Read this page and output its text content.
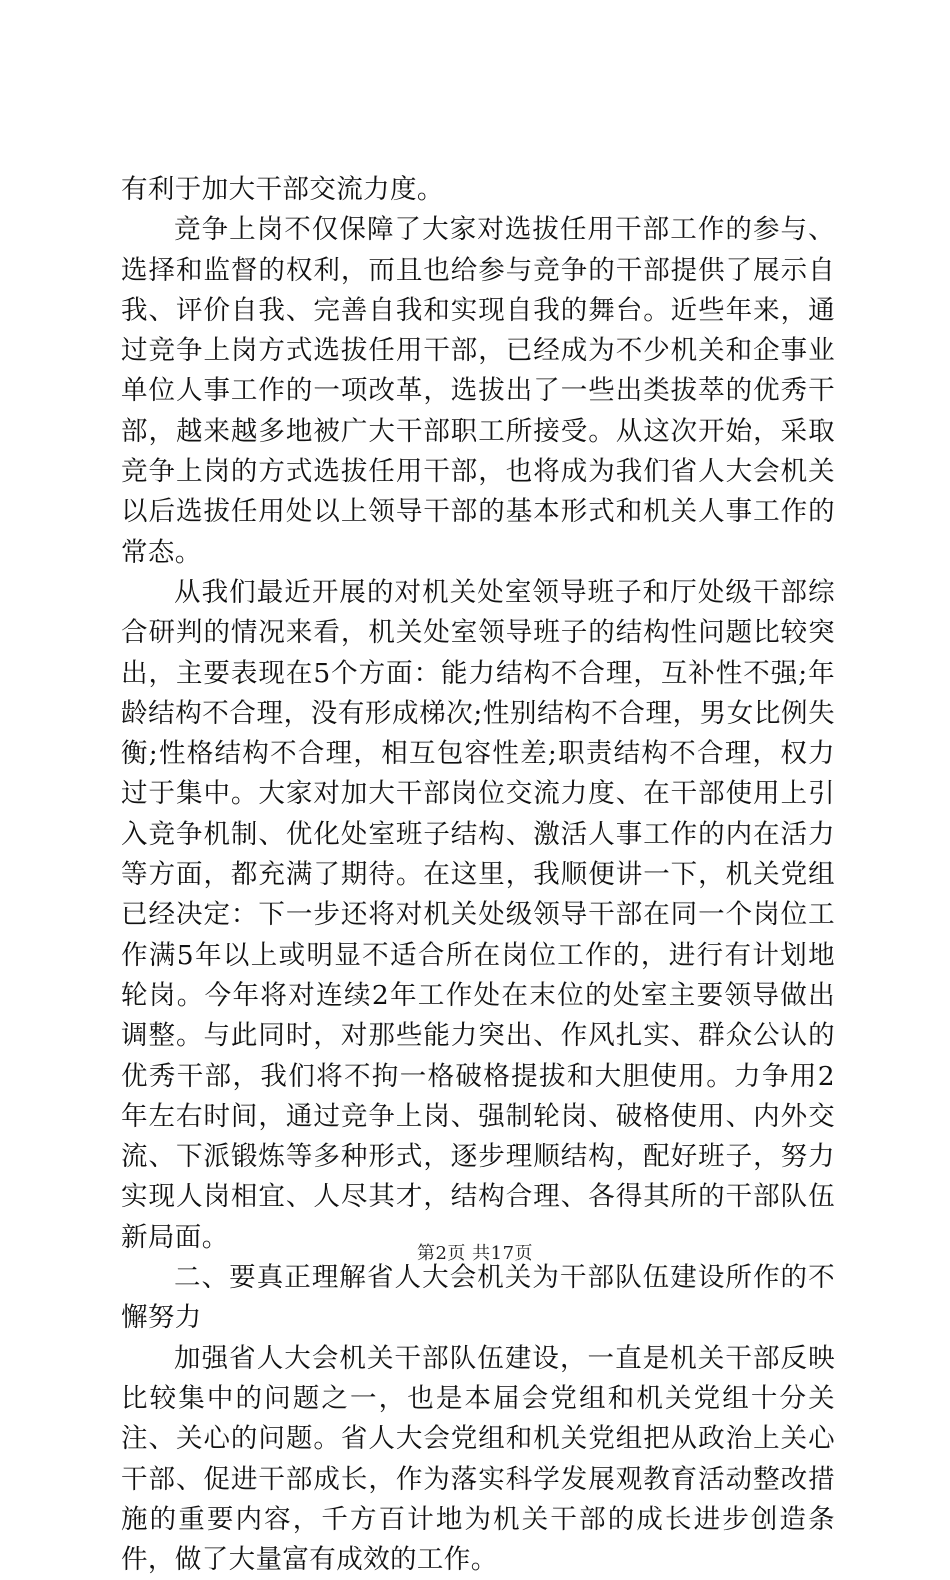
有利于加大干部交流力度。

竞争上岗不仅保障了大家对选拔任用干部工作的参与、选择和监督的权利，而且也给参与竞争的干部提供了展示自我、评价自我、完善自我和实现自我的舞台。近些年来，通过竞争上岗方式选拔任用干部，已经成为不少机关和企事业单位人事工作的一项改革，选拔出了一些出类拔萃的优秀干部，越来越多地被广大干部职工所接受。从这次开始，采取竞争上岗的方式选拔任用干部，也将成为我们省人大会机关以后选拔任用处以上领导干部的基本形式和机关人事工作的常态。

从我们最近开展的对机关处室领导班子和厅处级干部综合研判的情况来看，机关处室领导班子的结构性问题比较突出，主要表现在5个方面：能力结构不合理，互补性不强;年龄结构不合理，没有形成梯次;性别结构不合理，男女比例失衡;性格结构不合理，相互包容性差;职责结构不合理，权力过于集中。大家对加大干部岗位交流力度、在干部使用上引入竞争机制、优化处室班子结构、激活人事工作的内在活力等方面，都充满了期待。在这里，我顺便讲一下，机关党组已经决定：下一步还将对机关处级领导干部在同一个岗位工作满5年以上或明显不适合所在岗位工作的，进行有计划地轮岗。今年将对连续2年工作处在末位的处室主要领导做出调整。与此同时，对那些能力突出、作风扎实、群众公认的优秀干部，我们将不拘一格破格提拔和大胆使用。力争用2年左右时间，通过竞争上岗、强制轮岗、破格使用、内外交流、下派锻炼等多种形式，逐步理顺结构，配好班子，努力实现人岗相宜、人尽其才，结构合理、各得其所的干部队伍新局面。

二、要真正理解省人大会机关为干部队伍建设所作的不懈努力

加强省人大会机关干部队伍建设，一直是机关干部反映比较集中的问题之一，也是本届会党组和机关党组十分关注、关心的问题。省人大会党组和机关党组把从政治上关心干部、促进干部成长，作为落实科学发展观教育活动整改措施的重要内容，千方百计地为机关干部的成长进步创造条件，做了大量富有成效的工作。

第2页 共17页
